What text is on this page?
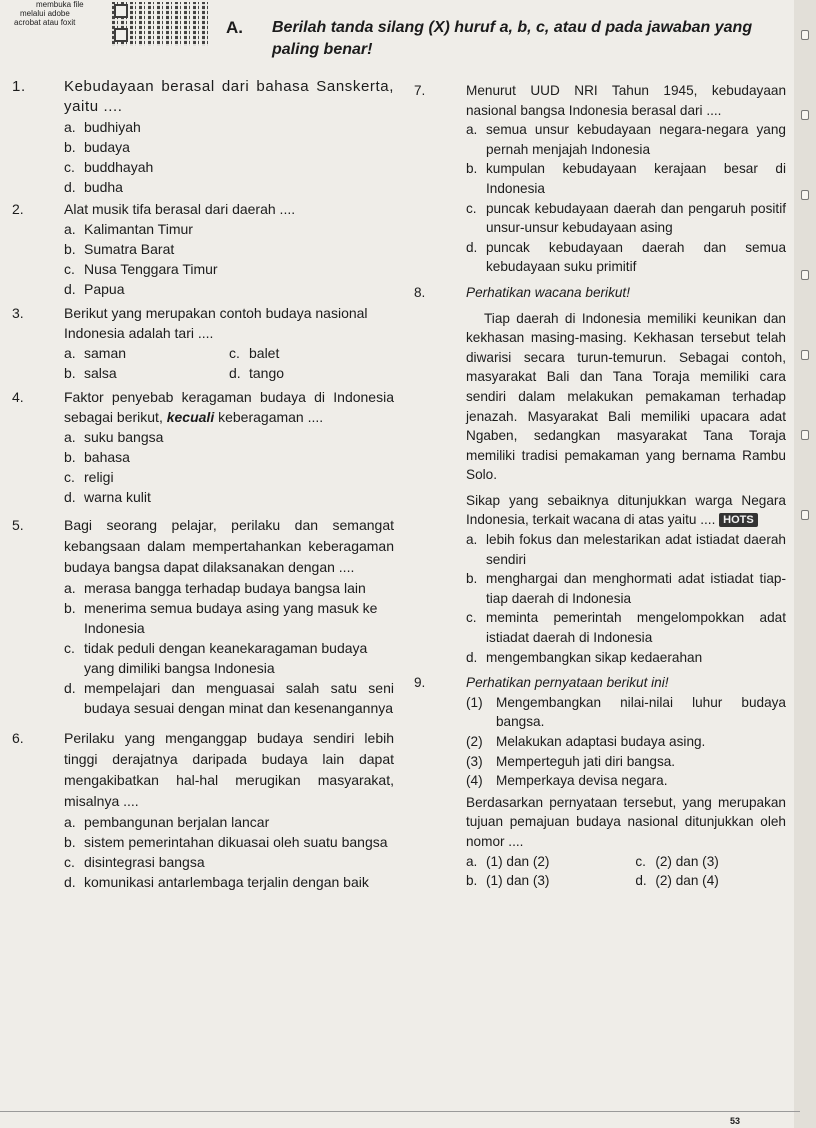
membuka file
melalui adobe
acrobat atau foxit	A. Berilah tanda silang (X) huruf a, b, c, atau d pada jawaban yang paling benar!
1.	Kebudayaan berasal dari bahasa Sanskerta, yaitu ....
a. budhiyah
b. budaya
c. buddhayah
d. budha
2.	Alat musik tifa berasal dari daerah ....
a. Kalimantan Timur
b. Sumatra Barat
c. Nusa Tenggara Timur
d. Papua
3.	Berikut yang merupakan contoh budaya nasional Indonesia adalah tari ....
a. saman	c. balet
b. salsa	d. tango
4.	Faktor penyebab keragaman budaya di Indonesia sebagai berikut, kecuali keberagaman ....
a. suku bangsa
b. bahasa
c. religi
d. warna kulit
5.	Bagi seorang pelajar, perilaku dan semangat kebangsaan dalam mempertahankan keberagaman budaya bangsa dapat dilaksanakan dengan ....
a. merasa bangga terhadap budaya bangsa lain
b. menerima semua budaya asing yang masuk ke Indonesia
c. tidak peduli dengan keanekaragaman budaya yang dimiliki bangsa Indonesia
d. mempelajari dan menguasai salah satu seni budaya sesuai dengan minat dan kesenangannya
6.	Perilaku yang menganggap budaya sendiri lebih tinggi derajatnya daripada budaya lain dapat mengakibatkan hal-hal merugikan masyarakat, misalnya ....
a. pembangunan berjalan lancar
b. sistem pemerintahan dikuasai oleh suatu bangsa
c. disintegrasi bangsa
d. komunikasi antarlembaga terjalin dengan baik
7.	Menurut UUD NRI Tahun 1945, kebudayaan nasional bangsa Indonesia berasal dari ....
a. semua unsur kebudayaan negara-negara yang pernah menjajah Indonesia
b. kumpulan kebudayaan kerajaan besar di Indonesia
c. puncak kebudayaan daerah dan pengaruh positif unsur-unsur kebudayaan asing
d. puncak kebudayaan daerah dan semua kebudayaan suku primitif
8.	Perhatikan wacana berikut!
Tiap daerah di Indonesia memiliki keunikan dan kekhasan masing-masing. Kekhasan tersebut telah diwarisi secara turun-temurun. Sebagai contoh, masyarakat Bali dan Tana Toraja memiliki cara sendiri dalam melakukan pemakaman terhadap jenazah. Masyarakat Bali memiliki upacara adat Ngaben, sedangkan masyarakat Tana Toraja memiliki tradisi pemakaman yang bernama Rambu Solo.
Sikap yang sebaiknya ditunjukkan warga Negara Indonesia, terkait wacana di atas yaitu .... HOTS
a. lebih fokus dan melestarikan adat istiadat daerah sendiri
b. menghargai dan menghormati adat istiadat tiap-tiap daerah di Indonesia
c. meminta pemerintah mengelompokkan adat istiadat daerah di Indonesia
d. mengembangkan sikap kedaerahan
9.	Perhatikan pernyataan berikut ini!
(1) Mengembangkan nilai-nilai luhur budaya bangsa.
(2) Melakukan adaptasi budaya asing.
(3) Memperteguh jati diri bangsa.
(4) Memperkaya devisa negara.
Berdasarkan pernyataan tersebut, yang merupakan tujuan pemajuan budaya nasional ditunjukkan oleh nomor ....
a. (1) dan (2)	c. (2) dan (3)
b. (1) dan (3)	d. (2) dan (4)
53
